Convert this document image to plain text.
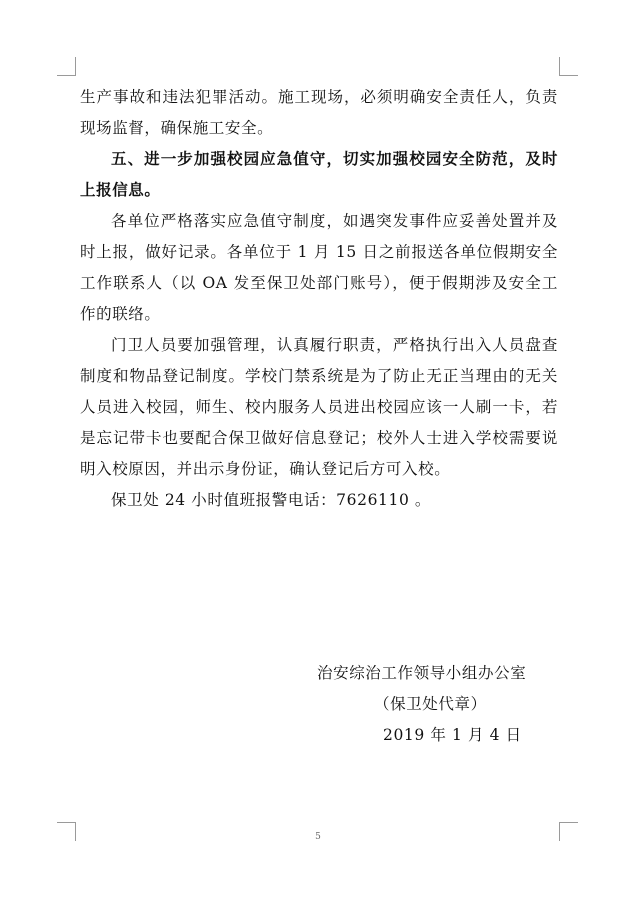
生产事故和违法犯罪活动。施工现场，必须明确安全责任人，负责现场监督，确保施工安全。

五、进一步加强校园应急值守，切实加强校园安全防范，及时上报信息。

各单位严格落实应急值守制度，如遇突发事件应妥善处置并及时上报，做好记录。各单位于 1 月 15 日之前报送各单位假期安全工作联系人（以 OA 发至保卫处部门账号），便于假期涉及安全工作的联络。

门卫人员要加强管理，认真履行职责，严格执行出入人员盘查制度和物品登记制度。学校门禁系统是为了防止无正当理由的无关人员进入校园，师生、校内服务人员进出校园应该一人刷一卡，若是忘记带卡也要配合保卫做好信息登记；校外人士进入学校需要说明入校原因，并出示身份证，确认登记后方可入校。

保卫处 24 小时值班报警电话：7626110 。

治安综治工作领导小组办公室
（保卫处代章）
2019 年 1 月 4 日
5
